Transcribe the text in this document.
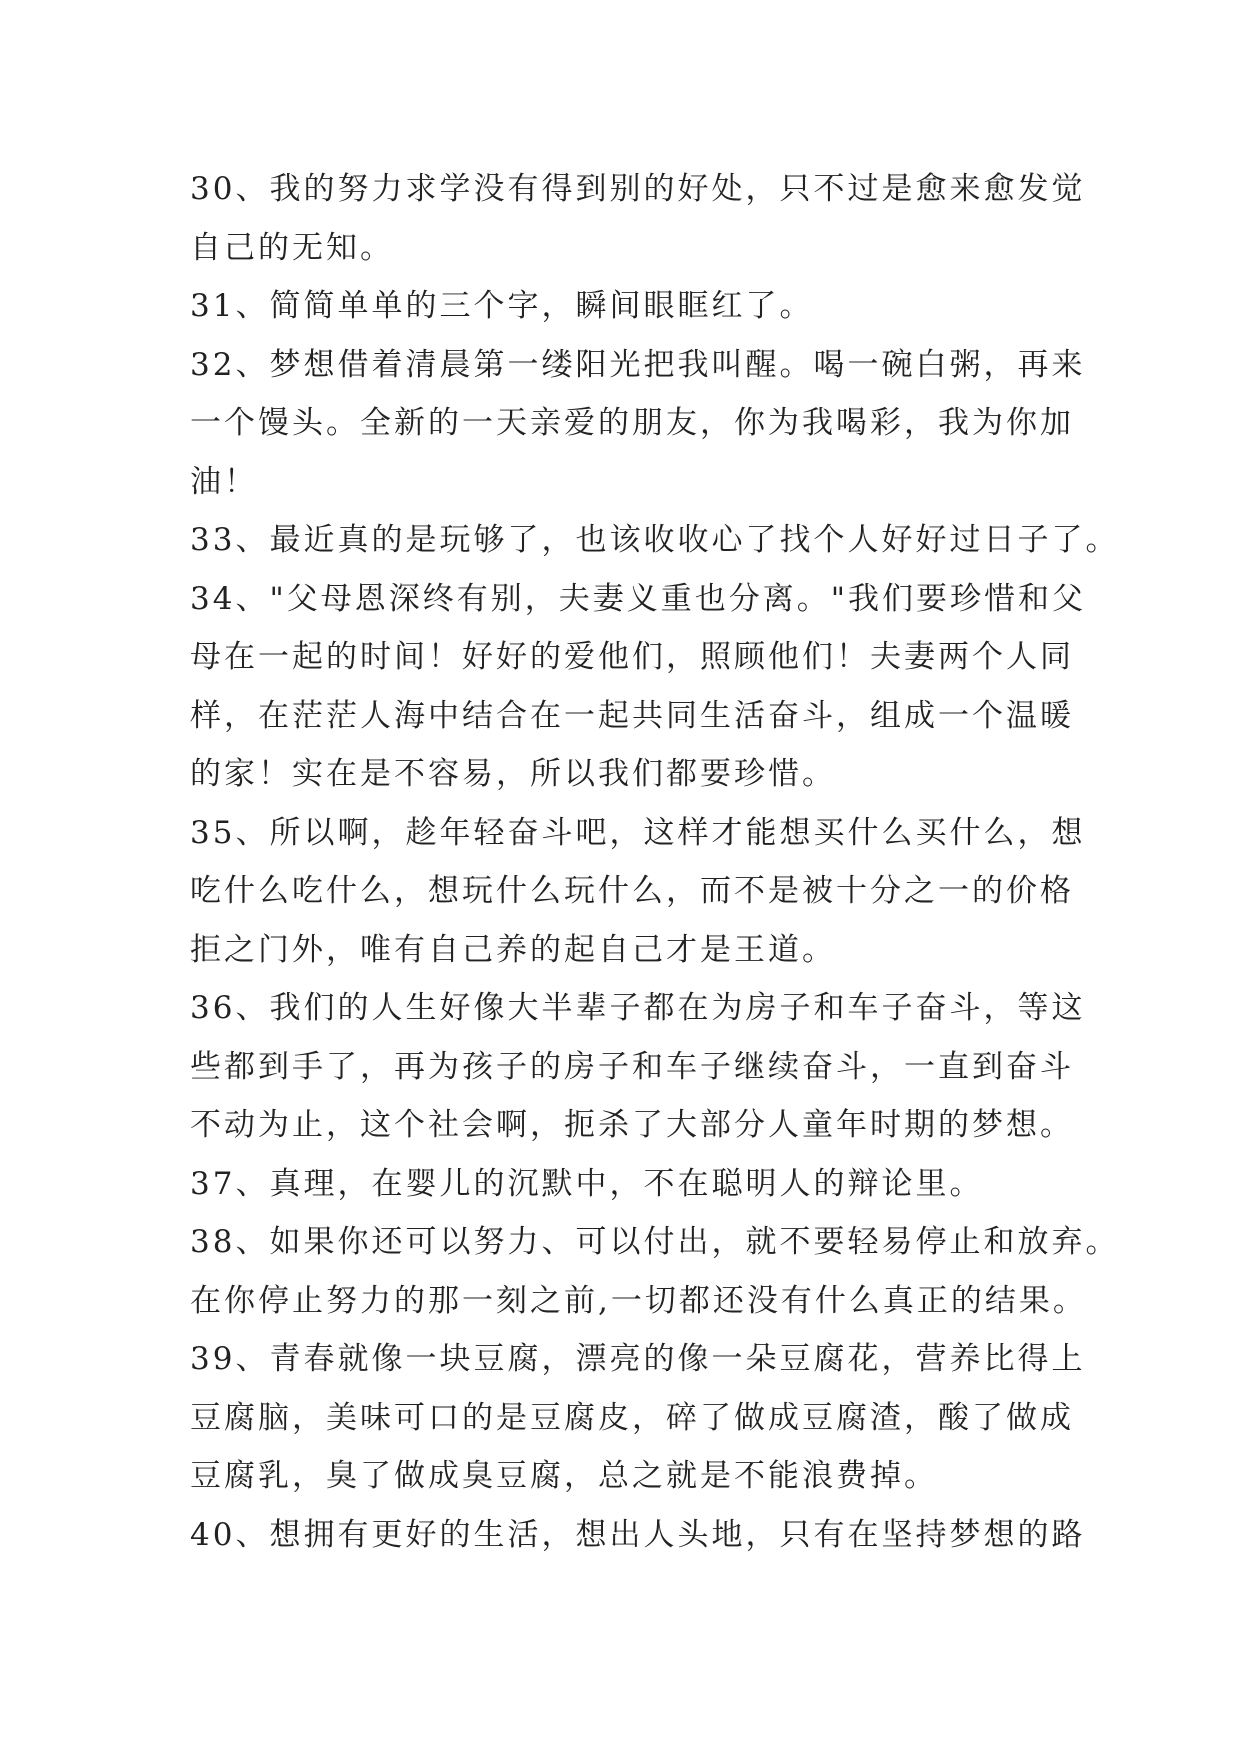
30、我的努力求学没有得到别的好处，只不过是愈来愈发觉
自己的无知。
31、简简单单的三个字，瞬间眼眶红了。
32、梦想借着清晨第一缕阳光把我叫醒。喝一碗白粥，再来
一个馒头。全新的一天亲爱的朋友，你为我喝彩，我为你加
油！
33、最近真的是玩够了，也该收收心了找个人好好过日子了。
34、"父母恩深终有别，夫妻义重也分离。"我们要珍惜和父
母在一起的时间！好好的爱他们，照顾他们！夫妻两个人同
样，在茫茫人海中结合在一起共同生活奋斗，组成一个温暖
的家！实在是不容易，所以我们都要珍惜。
35、所以啊，趁年轻奋斗吧，这样才能想买什么买什么，想
吃什么吃什么，想玩什么玩什么，而不是被十分之一的价格
拒之门外，唯有自己养的起自己才是王道。
36、我们的人生好像大半辈子都在为房子和车子奋斗，等这
些都到手了，再为孩子的房子和车子继续奋斗，一直到奋斗
不动为止，这个社会啊，扼杀了大部分人童年时期的梦想。
37、真理，在婴儿的沉默中，不在聪明人的辩论里。
38、如果你还可以努力、可以付出，就不要轻易停止和放弃。
在你停止努力的那一刻之前,一切都还没有什么真正的结果。
39、青春就像一块豆腐，漂亮的像一朵豆腐花，营养比得上
豆腐脑，美味可口的是豆腐皮，碎了做成豆腐渣，酸了做成
豆腐乳，臭了做成臭豆腐，总之就是不能浪费掉。
40、想拥有更好的生活，想出人头地，只有在坚持梦想的路
